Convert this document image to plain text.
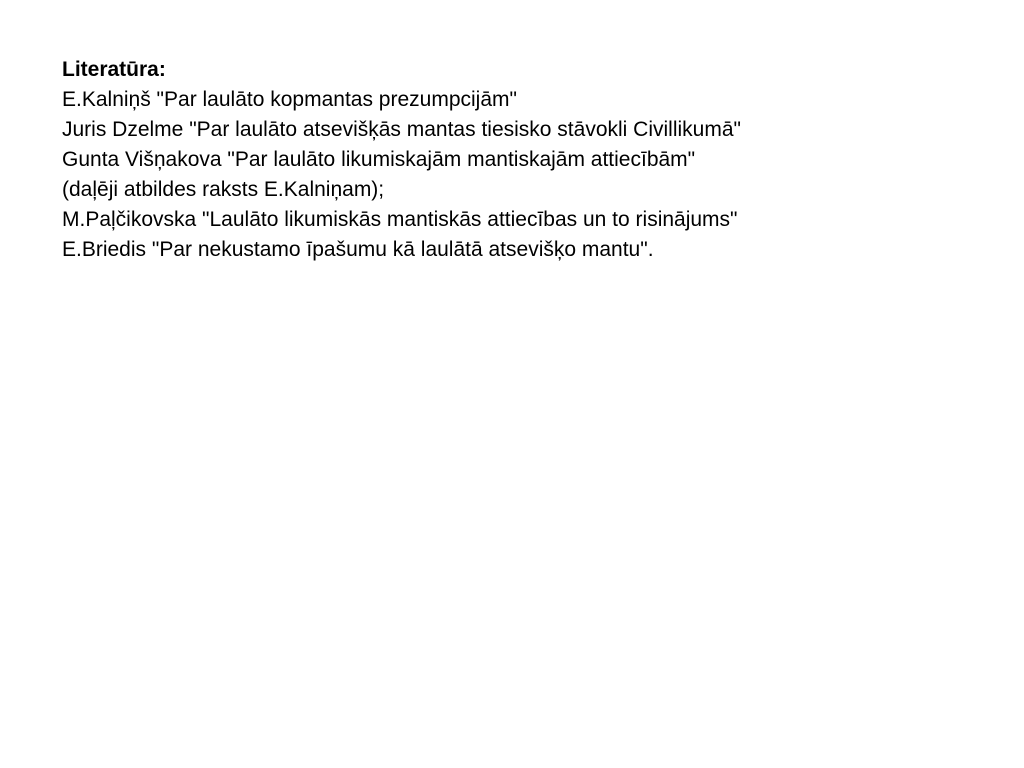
Literatūra:
E.Kalniņš "Par laulāto kopmantas prezumpcijām"
Juris Dzelme "Par laulāto atsevišķās mantas tiesisko stāvokli Civillikumā"
Gunta Višņakova "Par laulāto likumiskajām mantiskajām attiecībām"
(daļēji atbildes raksts E.Kalniņam);
M.Paļčikovska "Laulāto likumiskās mantiskās attiecības un to risinājums"
E.Briedis "Par nekustamo īpašumu kā laulātā atsevišķo mantu".
